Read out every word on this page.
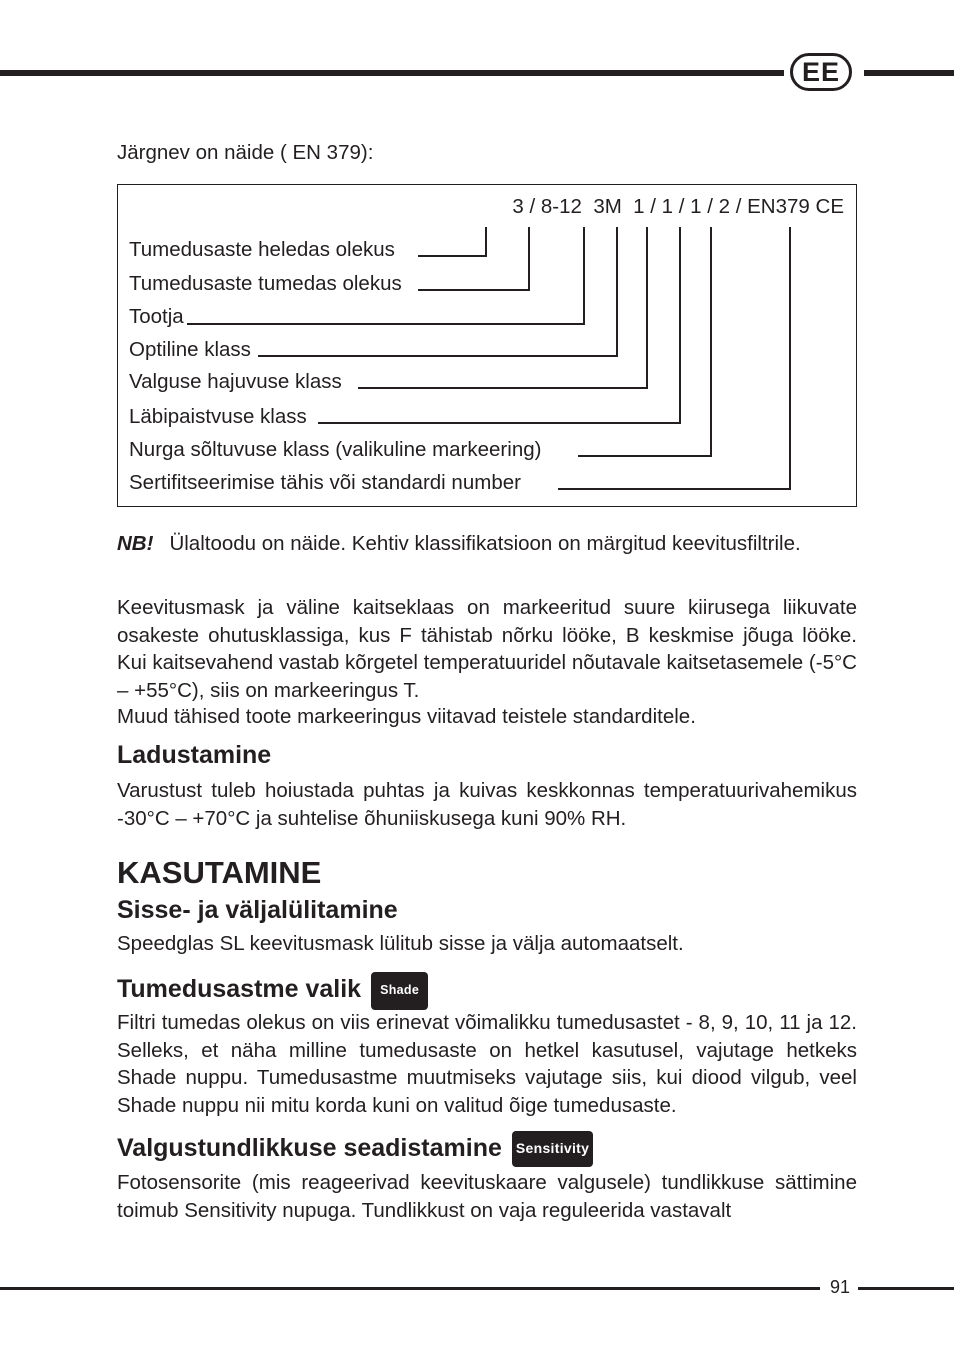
EE
Järgnev on näide ( EN 379):
3 / 8-12  3M  1 / 1 / 1 / 2 / EN379 CE
Tumedusaste heledas olekus
Tumedusaste tumedas olekus
Tootja
Optiline klass
Valguse hajuvuse klass
Läbipaistvuse klass
Nurga sõltuvuse klass (valikuline markeering)
Sertifitseerimise tähis või standardi number
NB! Ülaltoodu on näide. Kehtiv klassifikatsioon on märgitud keevitusfiltrile.
Keevitusmask ja väline kaitseklaas on markeeritud suure kiirusega liikuvate osakeste ohutusklassiga, kus F tähistab nõrku lööke, B keskmise jõuga lööke. Kui kaitsevahend vastab kõrgetel temperatuuridel nõutavale kaitsetasemele (-5°C – +55°C), siis on markeeringus T.
Muud tähised toote markeeringus viitavad teistele standarditele.
Ladustamine
Varustust tuleb hoiustada puhtas ja kuivas keskkonnas temperatuurivahemikus -30°C – +70°C ja suhtelise õhuniiskusega kuni 90% RH.
KASUTAMINE
Sisse- ja väljalülitamine
Speedglas SL keevitusmask lülitub sisse ja välja automaatselt.
Tumedusastme valik Shade
Filtri tumedas olekus on viis erinevat võimalikku tumedusastet - 8, 9, 10, 11 ja 12. Selleks, et näha milline tumedusaste on hetkel kasutusel, vajutage hetkeks Shade nuppu. Tumedusastme muutmiseks vajutage siis, kui diood vilgub, veel Shade nuppu nii mitu korda kuni on valitud õige tumedusaste.
Valgustundlikkuse seadistamine Sensitivity
Fotosensorite (mis reageerivad keevituskaare valgusele) tundlikkuse sättimine toimub Sensitivity nupuga. Tundlikkust on vaja reguleerida vastavalt
91
